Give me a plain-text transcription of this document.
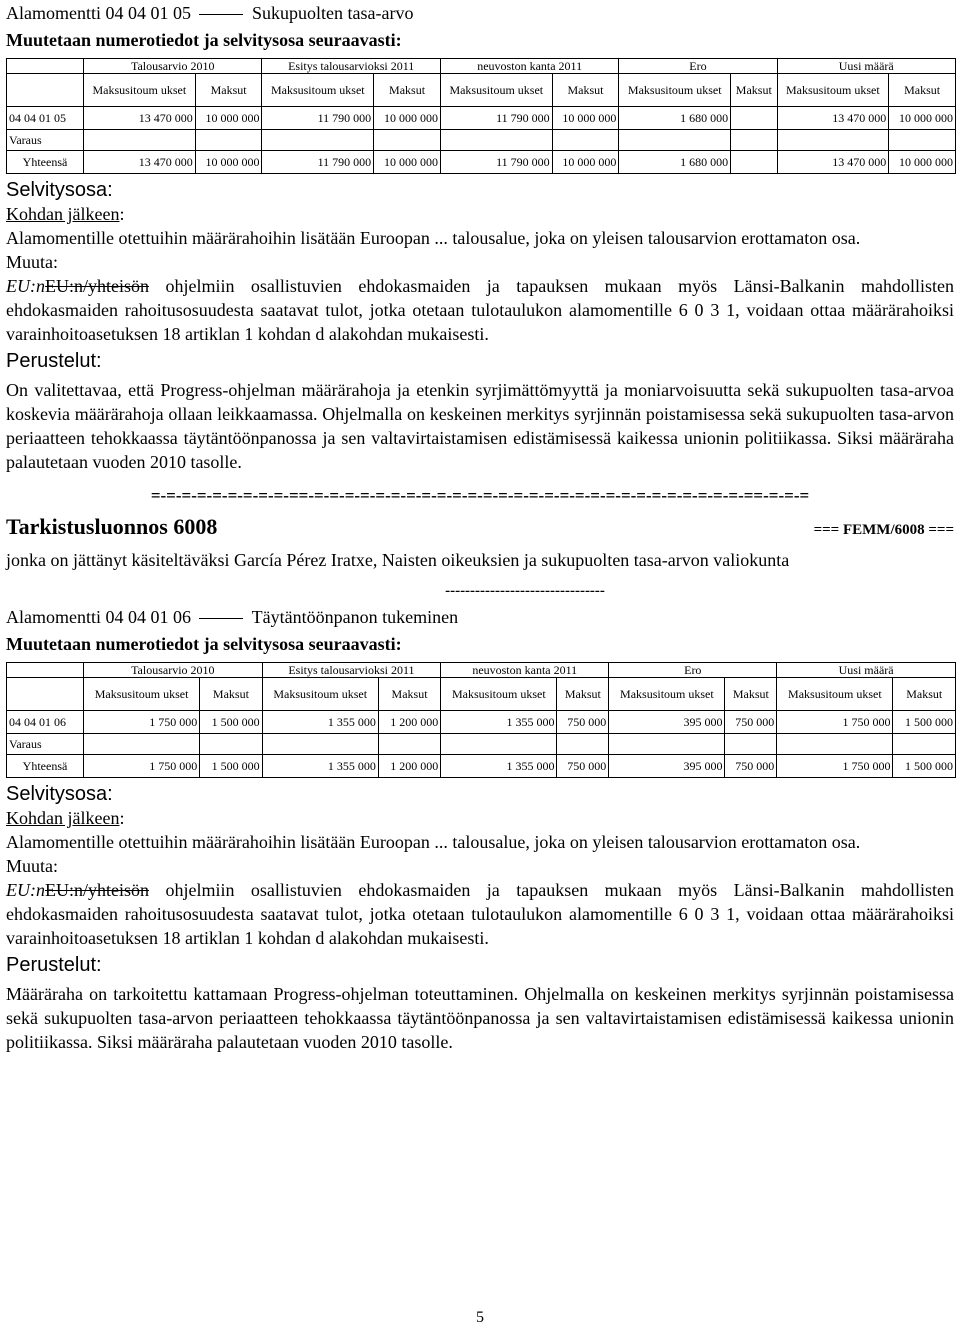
Alamomentti 04 04 01 05	Sukupuolten tasa-arvo
Muutetaan numerotiedot ja selvitysosa seuraavasti:
	Talousarvio 2010		Esitys talousarvioksi 2011		neuvoston kanta 2011		Ero		Uusi määrä	
	Maksusitoum ukset	Maksut	Maksusitoum ukset	Maksut	Maksusitoum ukset	Maksut	Maksusitoum ukset	Maksut	Maksusitoum ukset	Maksut
04 04 01 05	13 470 000	10 000 000	11 790 000	10 000 000	11 790 000	10 000 000	1 680 000		13 470 000	10 000 000
Varaus										
Yhteensä	13 470 000	10 000 000	11 790 000	10 000 000	11 790 000	10 000 000	1 680 000		13 470 000	10 000 000
Selvitysosa:
Kohdan jälkeen:

Alamomentille otettuihin määrärahoihin lisätään Euroopan ... talousalue, joka on yleisen talousarvion erottamaton osa.

Muuta:

EU:nEU:n/yhteisön ohjelmiin osallistuvien ehdokasmaiden ja tapauksen mukaan myös Länsi-Balkanin mahdollisten ehdokasmaiden rahoitusosuudesta saatavat tulot, jotka otetaan tulotaulukon alamomentille 6 0 3 1, voidaan ottaa määrärahoiksi varainhoitoasetuksen 18 artiklan 1 kohdan d alakohdan mukaisesti.

Perustelut:

On valitettavaa, että Progress-ohjelman määrärahoja ja etenkin syrjimättömyyttä ja moniarvoisuutta sekä sukupuolten tasa-arvoa koskevia määrärahoja ollaan leikkaamassa. Ohjelmalla on keskeinen merkitys syrjinnän poistamisessa sekä sukupuolten tasa-arvon periaatteen tehokkaassa täytäntöönpanossa ja sen valtavirtaistamisen edistämisessä kaikessa unionin politiikassa. Siksi määräraha palautetaan vuoden 2010 tasolle.

=-=-=-=-=-=-=-=-=-==-=-=-=-=-=-=-=-=-=-=-=-=-=-=-=-=-=-=-=-=-=-=-=-=-=-=-=-=-==-=-=-=
Tarkistusluonnos 6008	=== FEMM/6008 ===
jonka on jättänyt käsiteltäväksi García Pérez Iratxe, Naisten oikeuksien ja sukupuolten tasa-arvon valiokunta
--------------------------------
Alamomentti 04 04 01 06	Täytäntöönpanon tukeminen
Muutetaan numerotiedot ja selvitysosa seuraavasti:
	Talousarvio 2010		Esitys talousarvioksi 2011		neuvoston kanta 2011		Ero		Uusi määrä	
	Maksusitoum ukset	Maksut	Maksusitoum ukset	Maksut	Maksusitoum ukset	Maksut	Maksusitoum ukset	Maksut	Maksusitoum ukset	Maksut
04 04 01 06	1 750 000	1 500 000	1 355 000	1 200 000	1 355 000	750 000	395 000	750 000	1 750 000	1 500 000
Varaus										
Yhteensä	1 750 000	1 500 000	1 355 000	1 200 000	1 355 000	750 000	395 000	750 000	1 750 000	1 500 000
Selvitysosa:
Kohdan jälkeen:

Alamomentille otettuihin määrärahoihin lisätään Euroopan ... talousalue, joka on yleisen talousarvion erottamaton osa.

Muuta:

EU:nEU:n/yhteisön ohjelmiin osallistuvien ehdokasmaiden ja tapauksen mukaan myös Länsi-Balkanin mahdollisten ehdokasmaiden rahoitusosuudesta saatavat tulot, jotka otetaan tulotaulukon alamomentille 6 0 3 1, voidaan ottaa määrärahoiksi varainhoitoasetuksen 18 artiklan 1 kohdan d alakohdan mukaisesti.

Perustelut:

Määräraha on tarkoitettu kattamaan Progress-ohjelman toteuttaminen. Ohjelmalla on keskeinen merkitys syrjinnän poistamisessa sekä sukupuolten tasa-arvon periaatteen tehokkaassa täytäntöönpanossa ja sen valtavirtaistamisen edistämisessä kaikessa unionin politiikassa. Siksi määräraha palautetaan vuoden 2010 tasolle.

5
